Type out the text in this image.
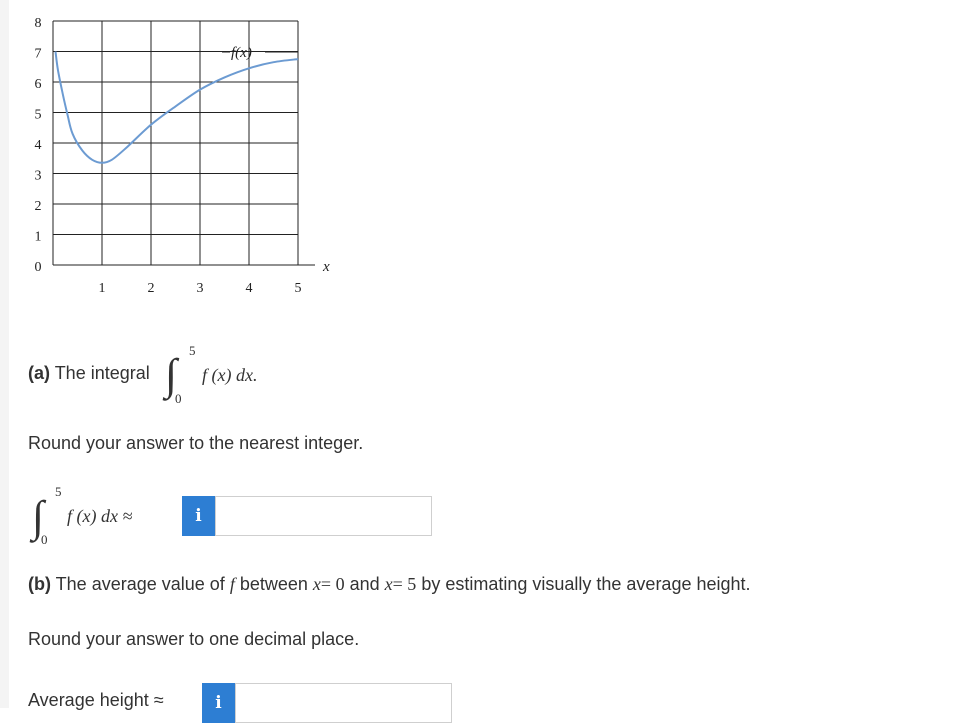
0
1
2
3
4
5
6
7
8
1	2	3	4	5
f(x)
x
(a) The integral ∫ 5
0
f (x) dx.
Round your answer to the nearest integer.
∫
5
0
f (x) dx ≈	i
(b) The average value of f between x= 0 and x= 5 by estimating visually the average height.
Round your answer to one decimal place.
Average height ≈	i
